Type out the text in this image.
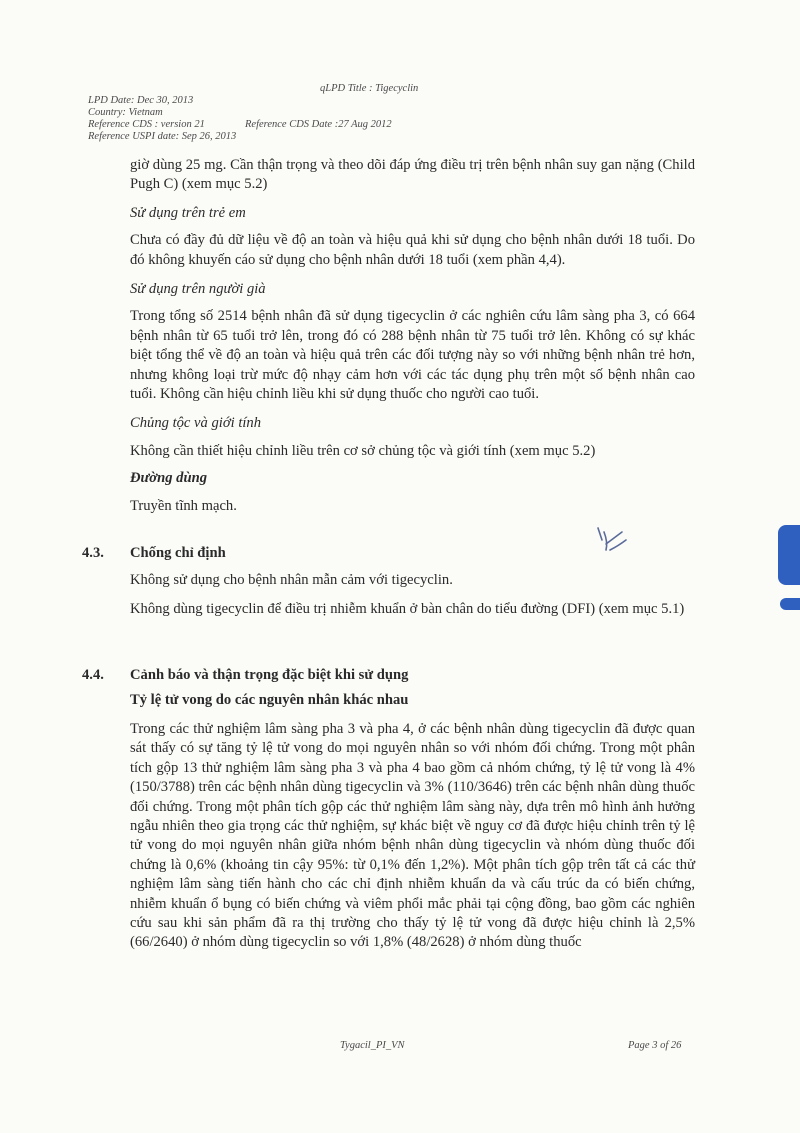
qLPD Title : Tigecyclin
LPD Date: Dec 30, 2013
Country: Vietnam
Reference CDS : version 21	Reference CDS Date :27 Aug 2012
Reference USPI date: Sep 26, 2013

giờ dùng 25 mg. Cần thận trọng và theo dõi đáp ứng điều trị trên bệnh nhân suy gan nặng (Child Pugh C) (xem mục 5.2)

Sử dụng trên trẻ em

Chưa có đầy đủ dữ liệu về độ an toàn và hiệu quả khi sử dụng cho bệnh nhân dưới 18 tuổi. Do đó không khuyến cáo sử dụng cho bệnh nhân dưới 18 tuổi (xem phần 4,4).

Sử dụng trên người già

Trong tổng số 2514 bệnh nhân đã sử dụng tigecyclin ở các nghiên cứu lâm sàng pha 3, có 664 bệnh nhân từ 65 tuổi trở lên, trong đó có 288 bệnh nhân từ 75 tuổi trở lên. Không có sự khác biệt tổng thể về độ an toàn và hiệu quả trên các đối tượng này so với những bệnh nhân trẻ hơn, nhưng không loại trừ mức độ nhạy cảm hơn với các tác dụng phụ trên một số bệnh nhân cao tuổi. Không cần hiệu chỉnh liều khi sử dụng thuốc cho người cao tuổi.

Chủng tộc và giới tính

Không cần thiết hiệu chỉnh liều trên cơ sở chủng tộc và giới tính (xem mục 5.2)

Đường dùng

Truyền tĩnh mạch.

4.3. Chống chỉ định

Không sử dụng cho bệnh nhân mẫn cảm với tigecyclin.

Không dùng tigecyclin để điều trị nhiễm khuẩn ở bàn chân do tiểu đường (DFI) (xem mục 5.1)

4.4. Cảnh báo và thận trọng đặc biệt khi sử dụng
Tỷ lệ tử vong do các nguyên nhân khác nhau

Trong các thử nghiệm lâm sàng pha 3 và pha 4, ở các bệnh nhân dùng tigecyclin đã được quan sát thấy có sự tăng tỷ lệ tử vong do mọi nguyên nhân so với nhóm đối chứng. Trong một phân tích gộp 13 thử nghiệm lâm sàng pha 3 và pha 4 bao gồm cả nhóm chứng, tỷ lệ tử vong là 4% (150/3788) trên các bệnh nhân dùng tigecyclin và 3% (110/3646) trên các bệnh nhân dùng thuốc đối chứng. Trong một phân tích gộp các thử nghiệm lâm sàng này, dựa trên mô hình ảnh hưởng ngẫu nhiên theo gia trọng các thử nghiệm, sự khác biệt về nguy cơ đã được hiệu chỉnh trên tỷ lệ tử vong do mọi nguyên nhân giữa nhóm bệnh nhân dùng tigecyclin và nhóm dùng thuốc đối chứng là 0,6% (khoảng tin cậy 95%: từ 0,1% đến 1,2%). Một phân tích gộp trên tất cả các thử nghiệm lâm sàng tiến hành cho các chỉ định nhiễm khuẩn da và cấu trúc da có biến chứng, nhiễm khuẩn ổ bụng có biến chứng và viêm phổi mắc phải tại cộng đồng, bao gồm các nghiên cứu sau khi sản phẩm đã ra thị trường cho thấy tỷ lệ tử vong đã được hiệu chỉnh là 2,5% (66/2640) ở nhóm dùng tigecyclin so với 1,8% (48/2628) ở nhóm dùng thuốc

Tygacil_PI_VN	Page 3 of 26
